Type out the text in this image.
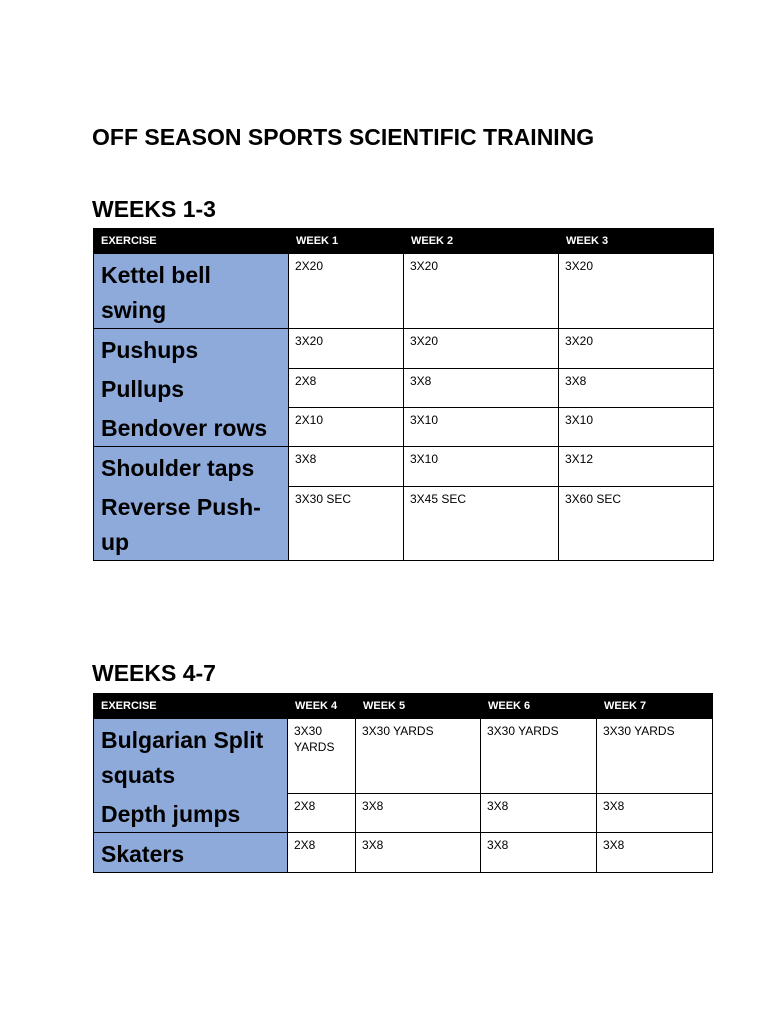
OFF SEASON SPORTS SCIENTIFIC TRAINING
WEEKS 1-3
EXERCISE	WEEK 1	WEEK 2	WEEK 3
Kettel bell swing	2X20	3X20	3X20
Pushups	3X20	3X20	3X20
Pullups	2X8	3X8	3X8
Bendover rows	2X10	3X10	3X10
Shoulder taps	3X8	3X10	3X12
Reverse Push-up	3X30 SEC	3X45 SEC	3X60 SEC
WEEKS 4-7
EXERCISE	WEEK 4	WEEK 5	WEEK 6	WEEK 7
Bulgarian Split squats	3X30 YARDS	3X30 YARDS	3X30 YARDS	3X30 YARDS
Depth jumps	2X8	3X8	3X8	3X8
Skaters	2X8	3X8	3X8	3X8
